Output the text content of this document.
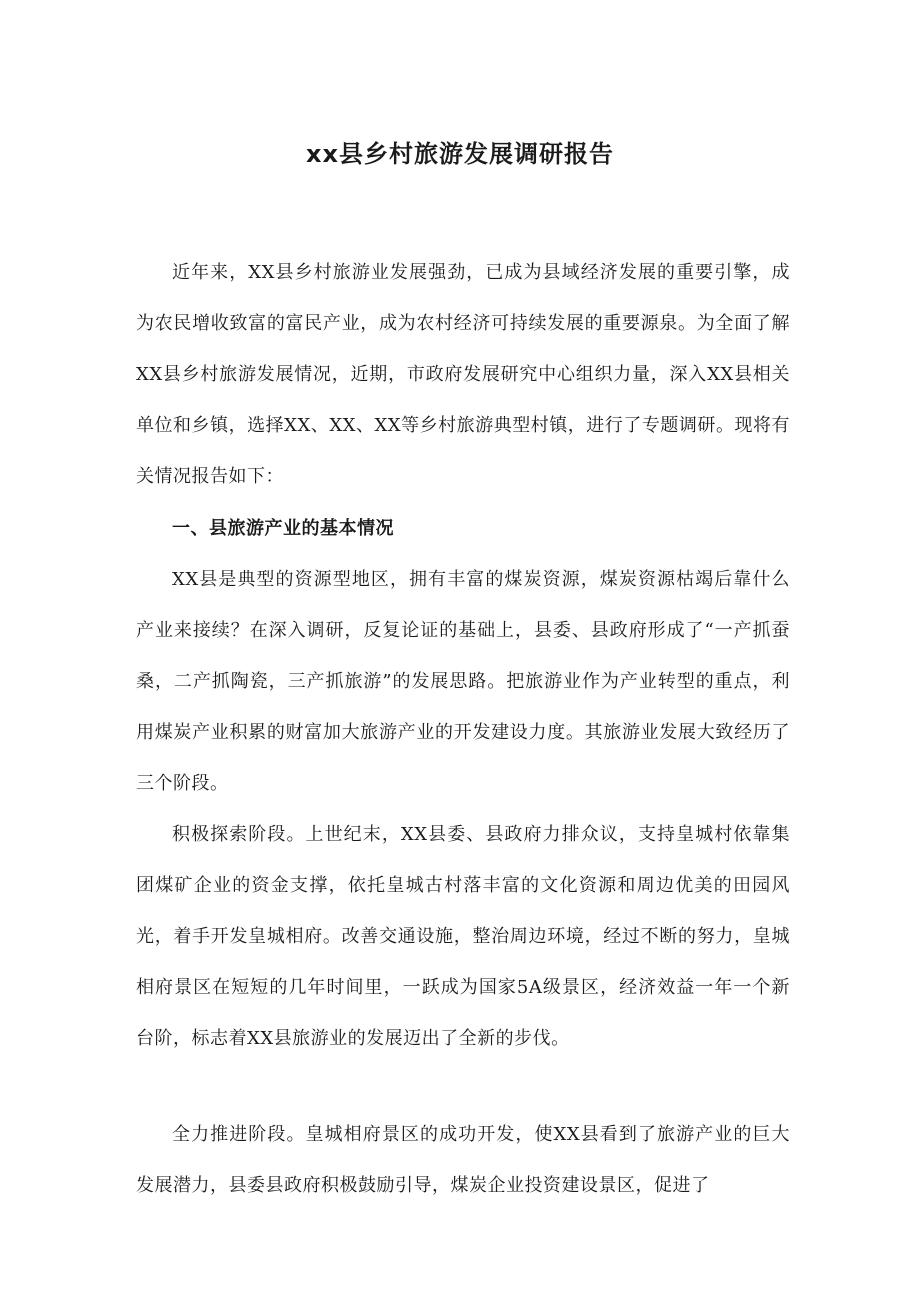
xx县乡村旅游发展调研报告

近年来，XX县乡村旅游业发展强劲，已成为县域经济发展的重要引擎，成为农民增收致富的富民产业，成为农村经济可持续发展的重要源泉。为全面了解XX县乡村旅游发展情况，近期，市政府发展研究中心组织力量，深入XX县相关单位和乡镇，选择XX、XX、XX等乡村旅游典型村镇，进行了专题调研。现将有关情况报告如下：

一、县旅游产业的基本情况

XX县是典型的资源型地区，拥有丰富的煤炭资源，煤炭资源枯竭后靠什么产业来接续？在深入调研，反复论证的基础上，县委、县政府形成了“一产抓蚕桑，二产抓陶瓷，三产抓旅游”的发展思路。把旅游业作为产业转型的重点，利用煤炭产业积累的财富加大旅游产业的开发建设力度。其旅游业发展大致经历了三个阶段。

积极探索阶段。上世纪末，XX县委、县政府力排众议，支持皇城村依靠集团煤矿企业的资金支撑，依托皇城古村落丰富的文化资源和周边优美的田园风光，着手开发皇城相府。改善交通设施，整治周边环境，经过不断的努力，皇城相府景区在短短的几年时间里，一跃成为国家5A级景区，经济效益一年一个新台阶，标志着XX县旅游业的发展迈出了全新的步伐。

全力推进阶段。皇城相府景区的成功开发，使XX县看到了旅游产业的巨大发展潜力，县委县政府积极鼓励引导，煤炭企业投资建设景区，促进了
